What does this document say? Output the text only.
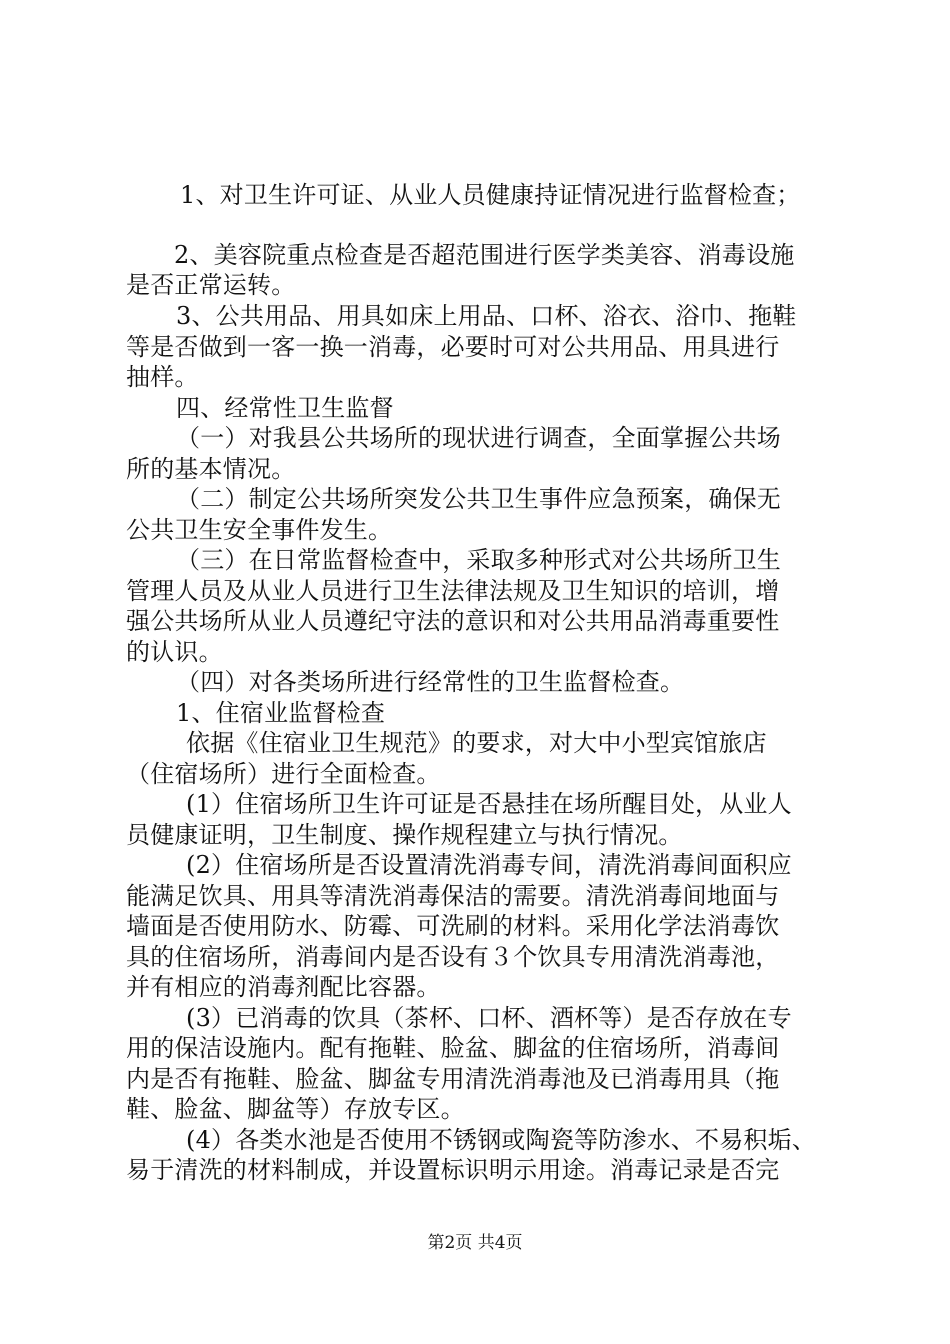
1、对卫生许可证、从业人员健康持证情况进行监督检查；
2、美容院重点检查是否超范围进行医学类美容、消毒设施
是否正常运转。
3、公共用品、用具如床上用品、口杯、浴衣、浴巾、拖鞋
等是否做到一客一换一消毒，必要时可对公共用品、用具进行
抽样。
四、经常性卫生监督
（一）对我县公共场所的现状进行调查，全面掌握公共场
所的基本情况。
（二）制定公共场所突发公共卫生事件应急预案，确保无
公共卫生安全事件发生。
（三）在日常监督检查中，采取多种形式对公共场所卫生
管理人员及从业人员进行卫生法律法规及卫生知识的培训，增
强公共场所从业人员遵纪守法的意识和对公共用品消毒重要性
的认识。
（四）对各类场所进行经常性的卫生监督检查。
1、住宿业监督检查
依据《住宿业卫生规范》的要求，对大中小型宾馆旅店
（住宿场所）进行全面检查。
(1）住宿场所卫生许可证是否悬挂在场所醒目处，从业人
员健康证明，卫生制度、操作规程建立与执行情况。
(2）住宿场所是否设置清洗消毒专间，清洗消毒间面积应
能满足饮具、用具等清洗消毒保洁的需要。清洗消毒间地面与
墙面是否使用防水、防霉、可洗刷的材料。采用化学法消毒饮
具的住宿场所，消毒间内是否设有３个饮具专用清洗消毒池，
并有相应的消毒剂配比容器。
(3）已消毒的饮具（茶杯、口杯、酒杯等）是否存放在专
用的保洁设施内。配有拖鞋、脸盆、脚盆的住宿场所，消毒间
内是否有拖鞋、脸盆、脚盆专用清洗消毒池及已消毒用具（拖
鞋、脸盆、脚盆等）存放专区。
(4）各类水池是否使用不锈钢或陶瓷等防渗水、不易积垢、
易于清洗的材料制成，并设置标识明示用途。消毒记录是否完
第2页 共4页
